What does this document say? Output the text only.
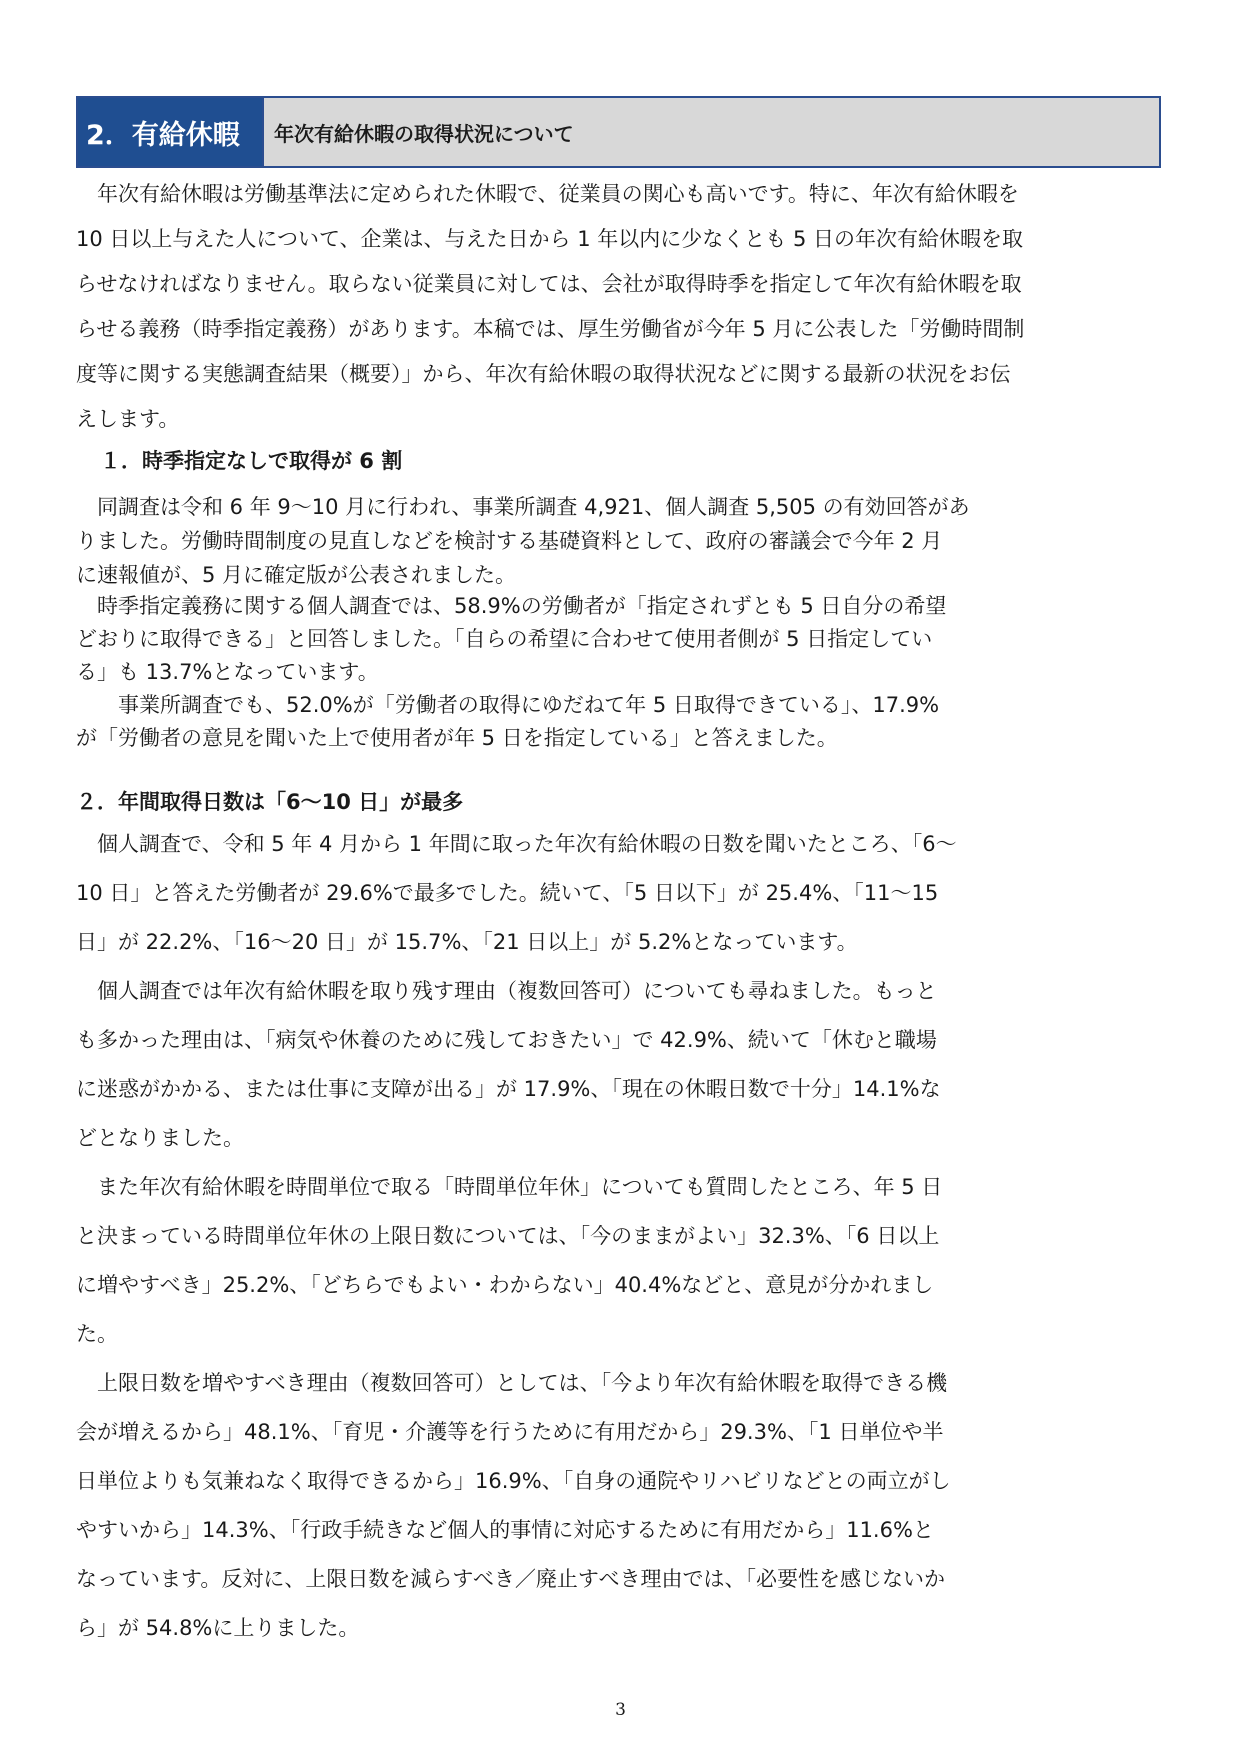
2．有給休暇	年次有給休暇の取得状況について

　年次有給休暇は労働基準法に定められた休暇で、従業員の関心も高いです。特に、年次有給休暇を

10 日以上与えた人について、企業は、与えた日から 1 年以内に少なくとも 5 日の年次有給休暇を取

らせなければなりません。取らない従業員に対しては、会社が取得時季を指定して年次有給休暇を取

らせる義務（時季指定義務）があります。本稿では、厚生労働省が今年 5 月に公表した「労働時間制

度等に関する実態調査結果（概要）」から、年次有給休暇の取得状況などに関する最新の状況をお伝

えします。

１．時季指定なしで取得が 6 割

　同調査は令和 6 年 9～10 月に行われ、事業所調査 4,921、個人調査 5,505 の有効回答があ

りました。労働時間制度の見直しなどを検討する基礎資料として、政府の審議会で今年 2 月

に速報値が、5 月に確定版が公表されました。

　時季指定義務に関する個人調査では、58.9%の労働者が「指定されずとも 5 日自分の希望

どおりに取得できる」と回答しました。「自らの希望に合わせて使用者側が 5 日指定してい

る」も 13.7%となっています。

　　事業所調査でも、52.0%が「労働者の取得にゆだねて年 5 日取得できている」、17.9%

が「労働者の意見を聞いた上で使用者が年 5 日を指定している」と答えました。

２．年間取得日数は「6～10 日」が最多

　個人調査で、令和 5 年 4 月から 1 年間に取った年次有給休暇の日数を聞いたところ、「6～

10 日」と答えた労働者が 29.6%で最多でした。続いて、「5 日以下」が 25.4%、「11～15

日」が 22.2%、「16～20 日」が 15.7%、「21 日以上」が 5.2%となっています。

　個人調査では年次有給休暇を取り残す理由（複数回答可）についても尋ねました。もっと

も多かった理由は、「病気や休養のために残しておきたい」で 42.9%、続いて「休むと職場

に迷惑がかかる、または仕事に支障が出る」が 17.9%、「現在の休暇日数で十分」14.1%な

どとなりました。

　また年次有給休暇を時間単位で取る「時間単位年休」についても質問したところ、年 5 日

と決まっている時間単位年休の上限日数については、「今のままがよい」32.3%、「6 日以上

に増やすべき」25.2%、「どちらでもよい・わからない」40.4%などと、意見が分かれまし

た。

　上限日数を増やすべき理由（複数回答可）としては、「今より年次有給休暇を取得できる機

会が増えるから」48.1%、「育児・介護等を行うために有用だから」29.3%、「1 日単位や半

日単位よりも気兼ねなく取得できるから」16.9%、「自身の通院やリハビリなどとの両立がし

やすいから」14.3%、「行政手続きなど個人的事情に対応するために有用だから」11.6%と

なっています。反対に、上限日数を減らすべき／廃止すべき理由では、「必要性を感じないか

ら」が 54.8%に上りました。

3
